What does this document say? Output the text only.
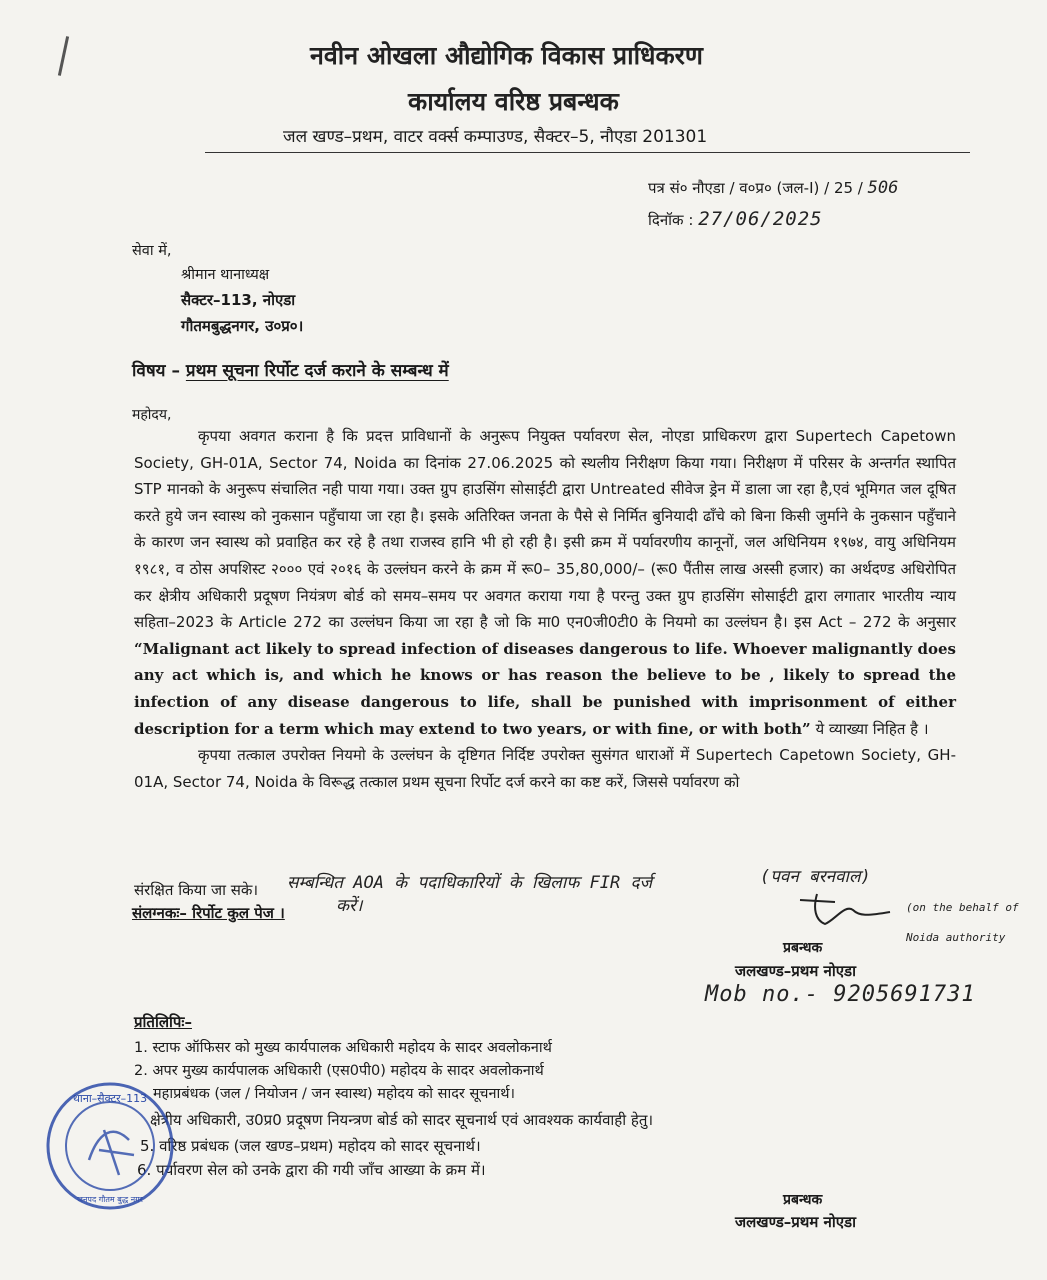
नवीन ओखला औद्योगिक विकास प्राधिकरण
कार्यालय वरिष्ठ प्रबन्धक
जल खण्ड–प्रथम, वाटर वर्क्स कम्पाउण्ड, सैक्टर–5, नौएडा 201301
पत्र सं० नौएडा / व०प्र० (जल-I) / 25 / 506
दिनॉक : 27/06/2025
सेवा में,
श्रीमान थानाध्यक्ष
सैक्टर–113, नोएडा
गौतमबुद्धनगर, उ०प्र०।
विषय – प्रथम सूचना रिर्पोट दर्ज कराने के सम्बन्ध में
महोदय,

कृपया अवगत कराना है कि प्रदत्त प्राविधानों के अनुरूप नियुक्त पर्यावरण सेल, नोएडा प्राधिकरण द्वारा Supertech Capetown Society, GH-01A, Sector 74, Noida का दिनांक 27.06.2025 को स्थलीय निरीक्षण किया गया। निरीक्षण में परिसर के अन्तर्गत स्थापित STP मानको के अनुरूप संचालित नही पाया गया। उक्त ग्रुप हाउसिंग सोसाईटी द्वारा Untreated सीवेज ड्रेन में डाला जा रहा है,एवं भूमिगत जल दूषित करते हुये जन स्वास्थ को नुकसान पहुँचाया जा रहा है। इसके अतिरिक्त जनता के पैसे से निर्मित बुनियादी ढाँचे को बिना किसी जुर्माने के नुकसान पहुँचाने के कारण जन स्वास्थ को प्रवाहित कर रहे है तथा राजस्व हानि भी हो रही है। इसी क्रम में पर्यावरणीय कानूनों, जल अधिनियम १९७४, वायु अधिनियम १९८१, व ठोस अपशिस्ट २००० एवं २०१६ के उल्लंघन करने के क्रम में रू0– 35,80,000/– (रू0 पैंतीस लाख अस्सी हजार) का अर्थदण्ड अधिरोपित कर क्षेत्रीय अधिकारी प्रदूषण नियंत्रण बोर्ड को समय–समय पर अवगत कराया गया है परन्तु उक्त ग्रुप हाउसिंग सोसाईटी द्वारा लगातार भारतीय न्याय सहिता–2023 के Article 272 का उल्लंघन किया जा रहा है जो कि मा0 एन0जी0टी0 के नियमो का उल्लंघन है। इस Act – 272 के अनुसार “Malignant act likely to spread infection of diseases dangerous to life. Whoever malignantly does any act which is, and which he knows or has reason the believe to be , likely to spread the infection of any disease dangerous to life, shall be punished with imprisonment of either description for a term which may extend to two years, or with fine, or with both” ये व्याख्या निहित है ।

कृपया तत्काल उपरोक्त नियमो के उल्लंघन के दृष्टिगत निर्दिष्ट उपरोक्त सुसंगत धाराओं में Supertech Capetown Society, GH-01A, Sector 74, Noida के विरूद्ध तत्काल प्रथम सूचना रिर्पोट दर्ज करने का कष्ट करें, जिससे पर्यावरण को

संरक्षित किया जा सके। सम्बन्धित AOA के पदाधिकारियों के खिलाफ FIR दर्ज
करें।
(पवन बरनवाल)
संलग्नकः– रिर्पोट कुल पेज ।	(on the behalf of Noida authority
प्रबन्धक
जलखण्ड–प्रथम नोएडा
Mob no.- 9205691731
प्रतिलिपिः–
1. स्टाफ ऑफिसर को मुख्य कार्यपालक अधिकारी महोदय के सादर अवलोकनार्थ
2. अपर मुख्य कार्यपालक अधिकारी (एस0पी0) महोदय के सादर अवलोकनार्थ
महाप्रबंधक (जल / नियोजन / जन स्वास्थ) महोदय को सादर सूचनार्थ।
क्षेत्रीय अधिकारी, उ0प्र0 प्रदूषण नियन्त्रण बोर्ड को सादर सूचनार्थ एवं आवश्यक कार्यवाही हेतु।
5. वरिष्ठ प्रबंधक (जल खण्ड–प्रथम) महोदय को सादर सूचनार्थ।
6. पर्यावरण सेल को उनके द्वारा की गयी जाँच आख्या के क्रम में।
प्रबन्धक
जलखण्ड–प्रथम नोएडा
थाना–सैक्टर–113
जनपद गौतम बुद्ध नगर
